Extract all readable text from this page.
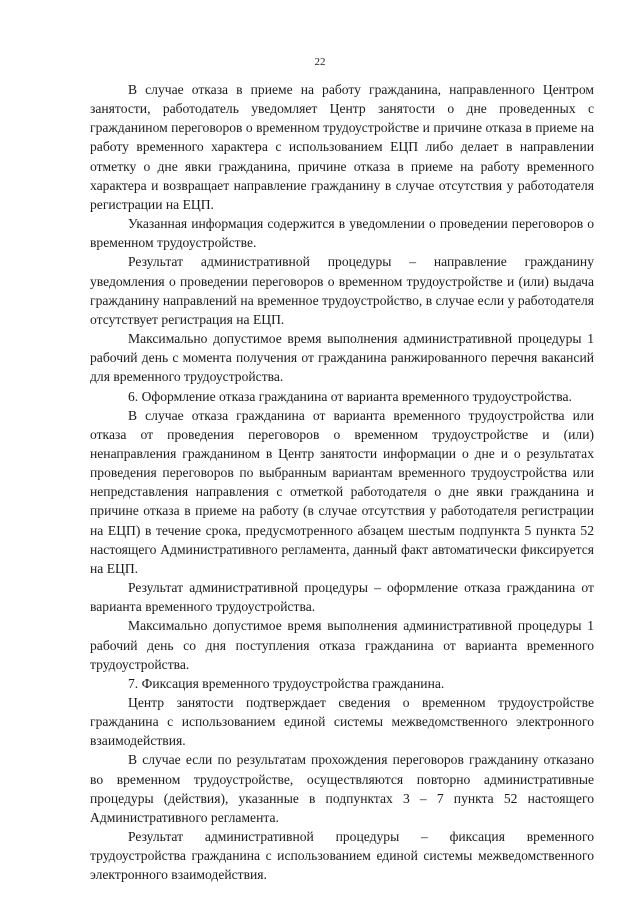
22

В случае отказа в приеме на работу гражданина, направленного Центром занятости, работодатель уведомляет Центр занятости о дне проведенных с гражданином переговоров о временном трудоустройстве и причине отказа в приеме на работу временного характера с использованием ЕЦП либо делает в направлении отметку о дне явки гражданина, причине отказа в приеме на работу временного характера и возвращает направление гражданину в случае отсутствия у работодателя регистрации на ЕЦП.

Указанная информация содержится в уведомлении о проведении переговоров о временном трудоустройстве.

Результат административной процедуры – направление гражданину уведомления о проведении переговоров о временном трудоустройстве и (или) выдача гражданину направлений на временное трудоустройство, в случае если у работодателя отсутствует регистрация на ЕЦП.

Максимально допустимое время выполнения административной процедуры 1 рабочий день с момента получения от гражданина ранжированного перечня вакансий для временного трудоустройства.

6. Оформление отказа гражданина от варианта временного трудоустройства.

В случае отказа гражданина от варианта временного трудоустройства или отказа от проведения переговоров о временном трудоустройстве и (или) ненаправления гражданином в Центр занятости информации о дне и о результатах проведения переговоров по выбранным вариантам временного трудоустройства или непредставления направления с отметкой работодателя о дне явки гражданина и причине отказа в приеме на работу (в случае отсутствия у работодателя регистрации на ЕЦП) в течение срока, предусмотренного абзацем шестым подпункта 5 пункта 52 настоящего Административного регламента, данный факт автоматически фиксируется на ЕЦП.

Результат административной процедуры – оформление отказа гражданина от варианта временного трудоустройства.

Максимально допустимое время выполнения административной процедуры 1 рабочий день со дня поступления отказа гражданина от варианта временного трудоустройства.

7. Фиксация временного трудоустройства гражданина.

Центр занятости подтверждает сведения о временном трудоустройстве гражданина с использованием единой системы межведомственного электронного взаимодействия.

В случае если по результатам прохождения переговоров гражданину отказано во временном трудоустройстве, осуществляются повторно административные процедуры (действия), указанные в подпунктах 3 – 7 пункта 52 настоящего Административного регламента.

Результат административной процедуры – фиксация временного трудоустройства гражданина с использованием единой системы межведомственного электронного взаимодействия.
